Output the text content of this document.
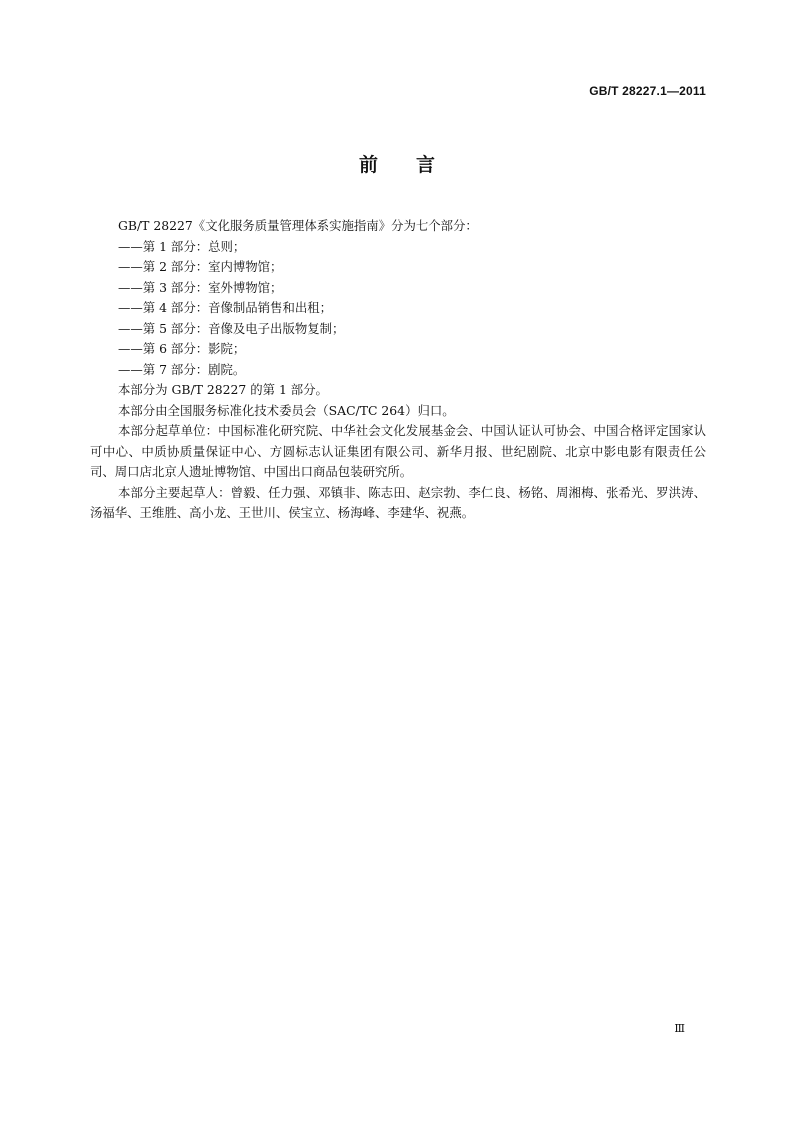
GB/T 28227.1—2011
前言

GB/T 28227《文化服务质量管理体系实施指南》分为七个部分：

——第 1 部分：总则；

——第 2 部分：室内博物馆；

——第 3 部分：室外博物馆；

——第 4 部分：音像制品销售和出租；

——第 5 部分：音像及电子出版物复制；

——第 6 部分：影院；

——第 7 部分：剧院。

本部分为 GB/T 28227 的第 1 部分。

本部分由全国服务标准化技术委员会（SAC/TC 264）归口。

本部分起草单位：中国标准化研究院、中华社会文化发展基金会、中国认证认可协会、中国合格评定国家认可中心、中质协质量保证中心、方圆标志认证集团有限公司、新华月报、世纪剧院、北京中影电影有限责任公司、周口店北京人遗址博物馆、中国出口商品包装研究所。

本部分主要起草人：曾毅、任力强、邓镇非、陈志田、赵宗勃、李仁良、杨铭、周湘梅、张希光、罗洪涛、汤福华、王维胜、高小龙、王世川、侯宝立、杨海峰、李建华、祝燕。

Ⅲ
